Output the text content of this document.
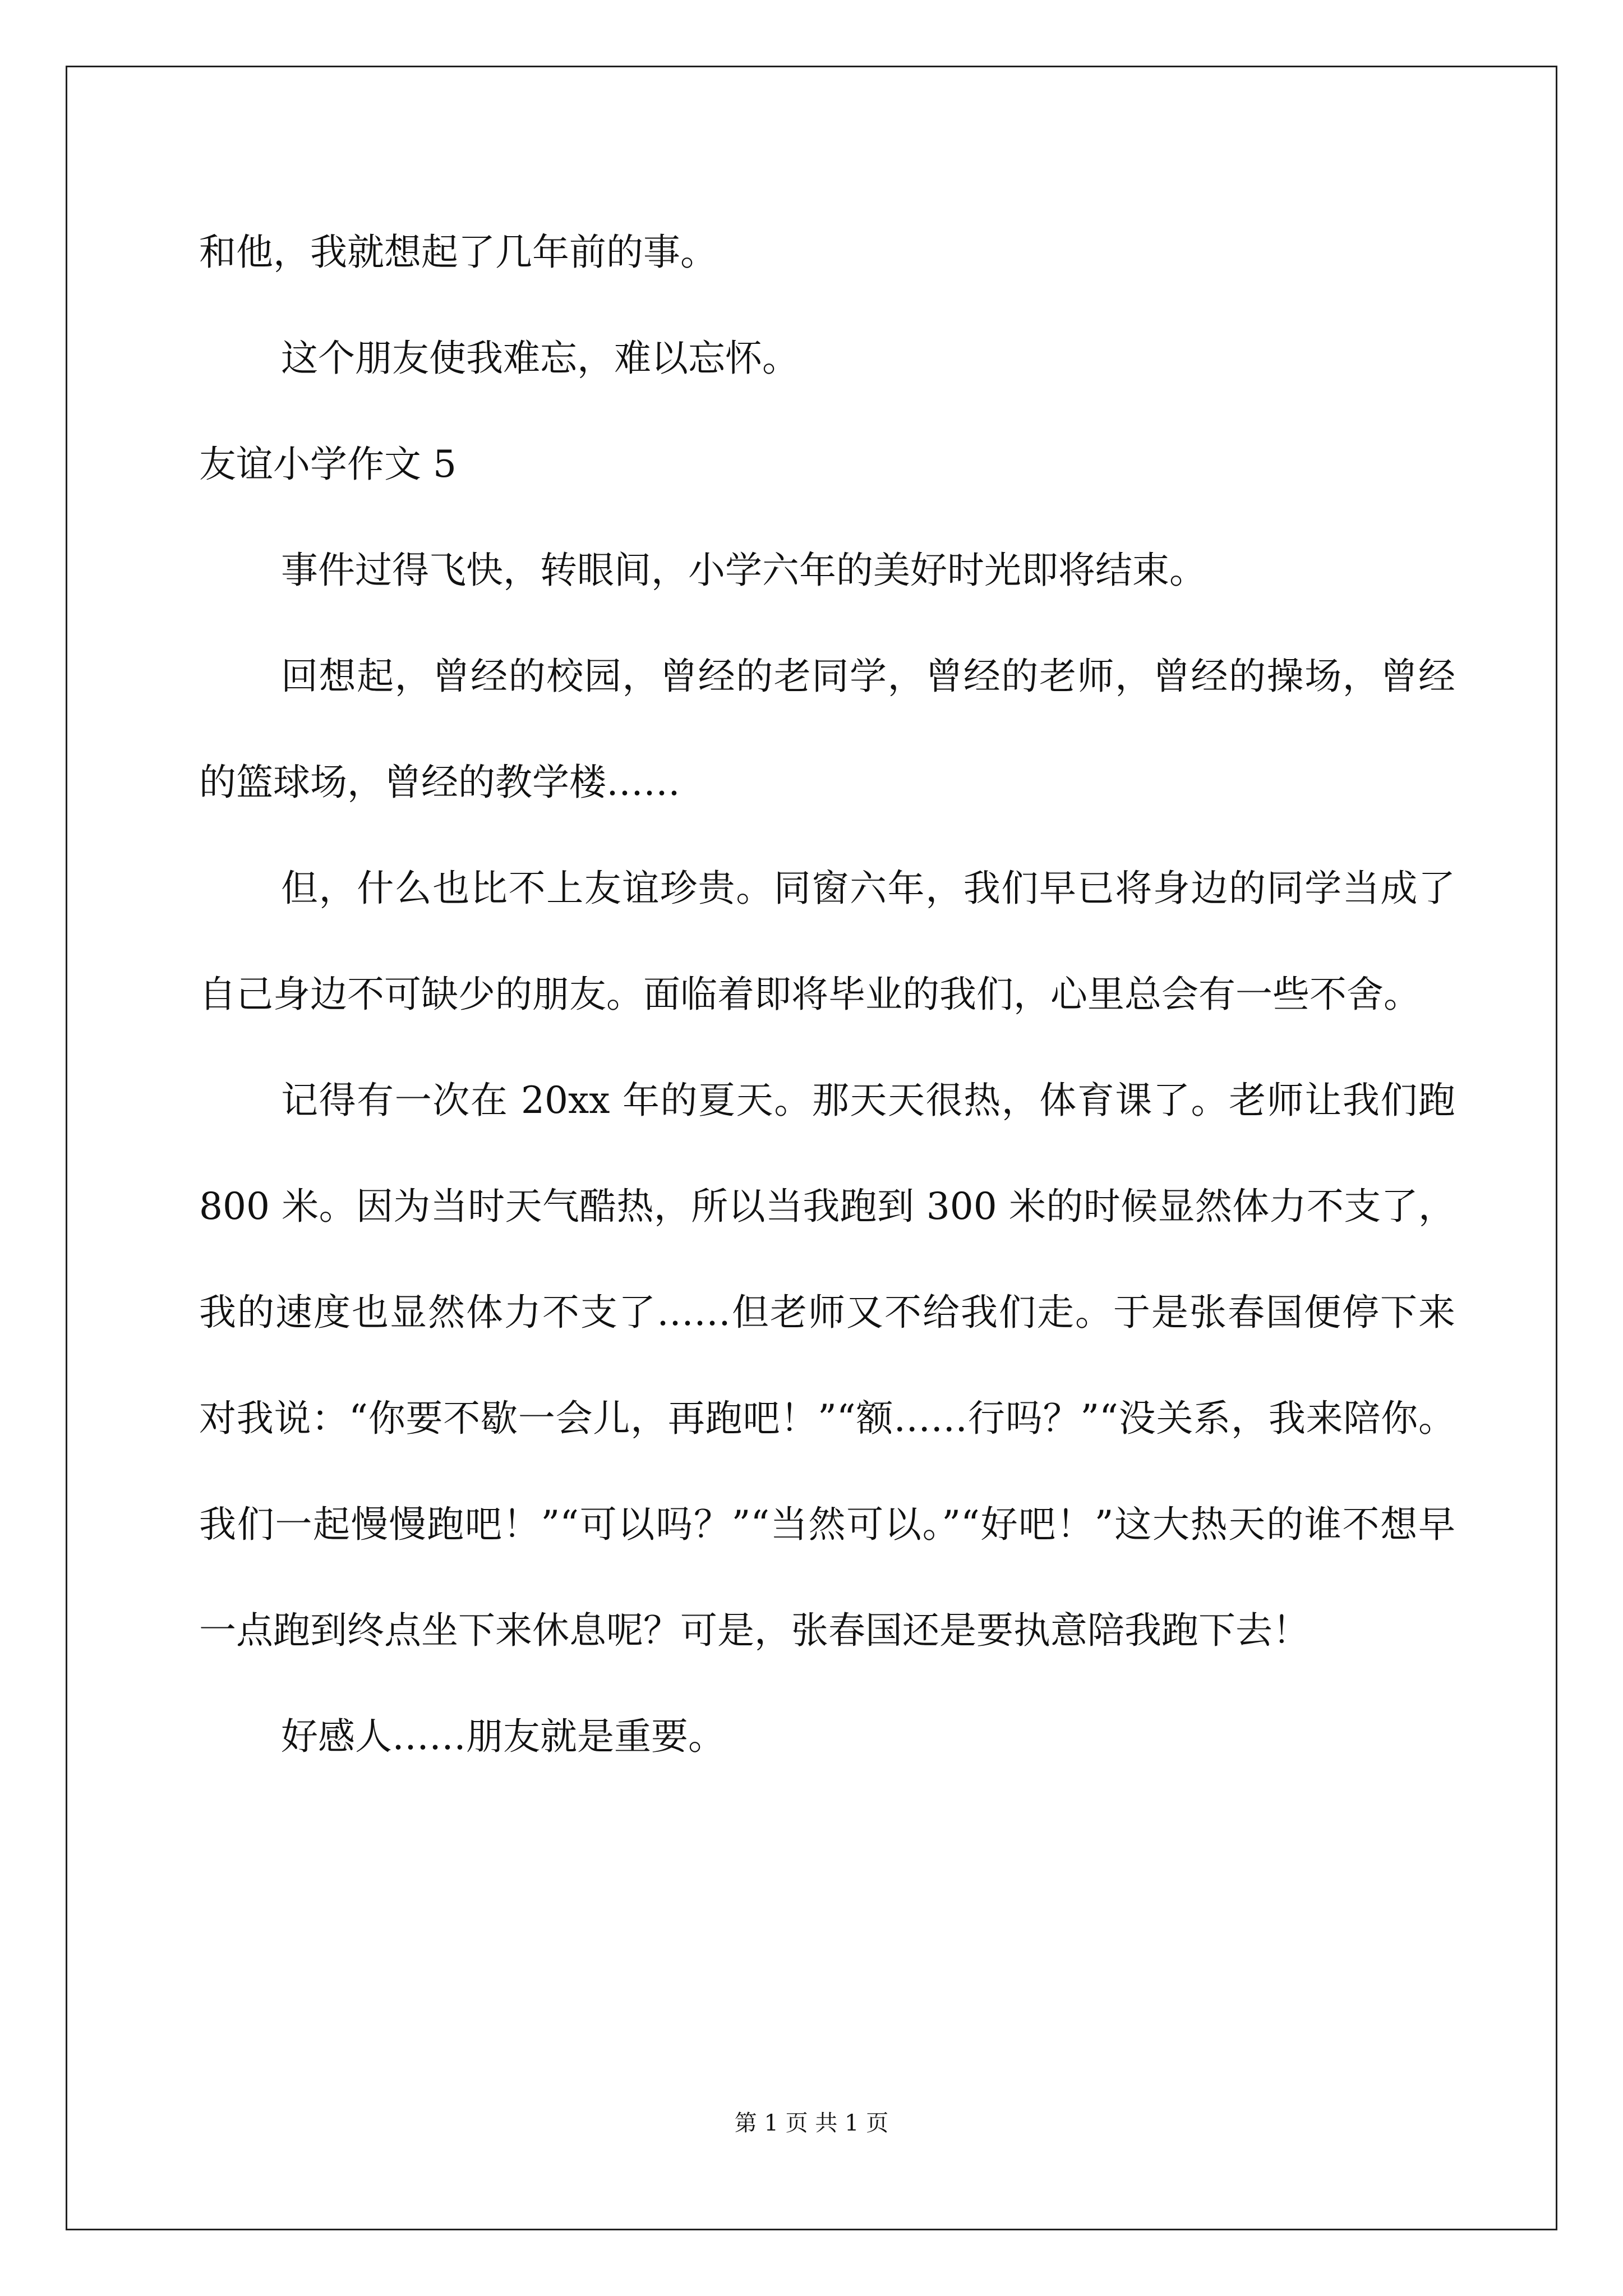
和他，我就想起了几年前的事。

这个朋友使我难忘，难以忘怀。

友谊小学作文 5

事件过得飞快，转眼间，小学六年的美好时光即将结束。

回想起，曾经的校园，曾经的老同学，曾经的老师，曾经的操场，曾经的篮球场，曾经的教学楼……

但，什么也比不上友谊珍贵。同窗六年，我们早已将身边的同学当成了自己身边不可缺少的朋友。面临着即将毕业的我们，心里总会有一些不舍。

记得有一次在 20xx 年的夏天。那天天很热，体育课了。老师让我们跑 800 米。因为当时天气酷热，所以当我跑到 300 米的时候显然体力不支了，我的速度也显然体力不支了……但老师又不给我们走。于是张春国便停下来对我说：“你要不歇一会儿，再跑吧！”“额……行吗？”“没关系，我来陪你。我们一起慢慢跑吧！”“可以吗？”“当然可以。”“好吧！”这大热天的谁不想早一点跑到终点坐下来休息呢？可是，张春国还是要执意陪我跑下去！

好感人……朋友就是重要。

第 1 页 共 1 页
